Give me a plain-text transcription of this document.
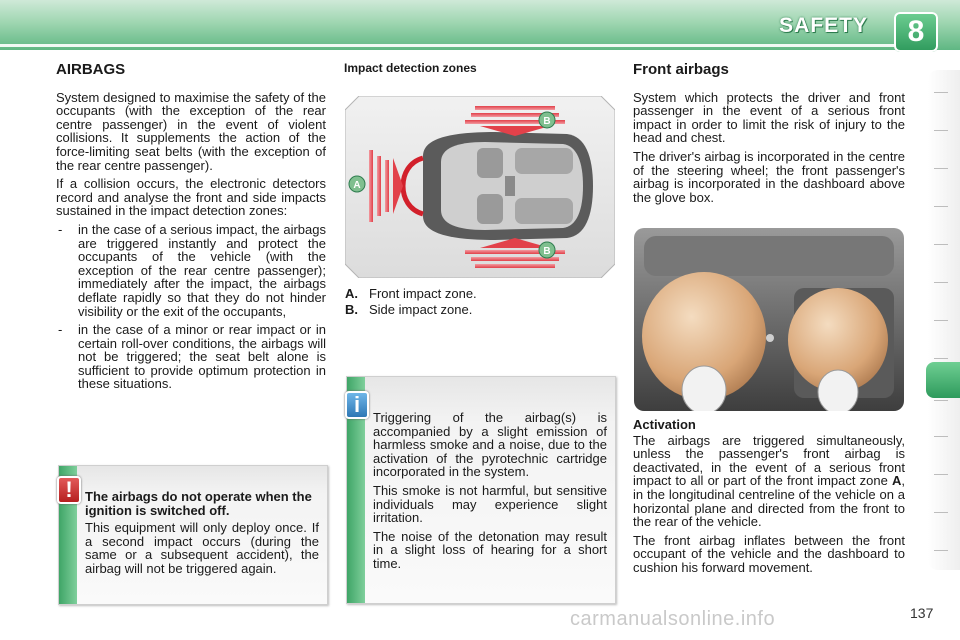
SAFETY	8
AIRBAGS

System designed to maximise the safety of the occupants (with the exception of the rear centre passenger) in the event of violent collisions. It supplements the action of the force-limiting seat belts (with the exception of the rear centre passenger).

If a collision occurs, the electronic detectors record and analyse the front and side impacts sustained in the impact detection zones:

- in the case of a serious impact, the airbags are triggered instantly and protect the occupants of the vehicle (with the exception of the rear centre passenger); immediately after the impact, the airbags deflate rapidly so that they do not hinder visibility or the exit of the occupants,
- in the case of a minor or rear impact or in certain roll-over conditions, the airbags will not be triggered; the seat belt alone is sufficient to provide optimum protection in these situations.
! The airbags do not operate when the ignition is switched off.

This equipment will only deploy once. If a second impact occurs (during the same or a subsequent accident), the airbag will not be triggered again.

Impact detection zones
A
B
B
A. Front impact zone.
B. Side impact zone.
i

Triggering of the airbag(s) is accompanied by a slight emission of harmless smoke and a noise, due to the activation of the pyrotechnic cartridge incorporated in the system.

This smoke is not harmful, but sensitive individuals may experience slight irritation.

The noise of the detonation may result in a slight loss of hearing for a short time.

Front airbags

System which protects the driver and front passenger in the event of a serious front impact in order to limit the risk of injury to the head and chest.

The driver's airbag is incorporated in the centre of the steering wheel; the front passenger's airbag is incorporated in the dashboard above the glove box.

Activation

The airbags are triggered simultaneously, unless the passenger's front airbag is deactivated, in the event of a serious front impact to all or part of the front impact zone A, in the longitudinal centreline of the vehicle on a horizontal plane and directed from the front to the rear of the vehicle.

The front airbag inflates between the front occupant of the vehicle and the dashboard to cushion his forward movement.

carmanualsonline.info	137
